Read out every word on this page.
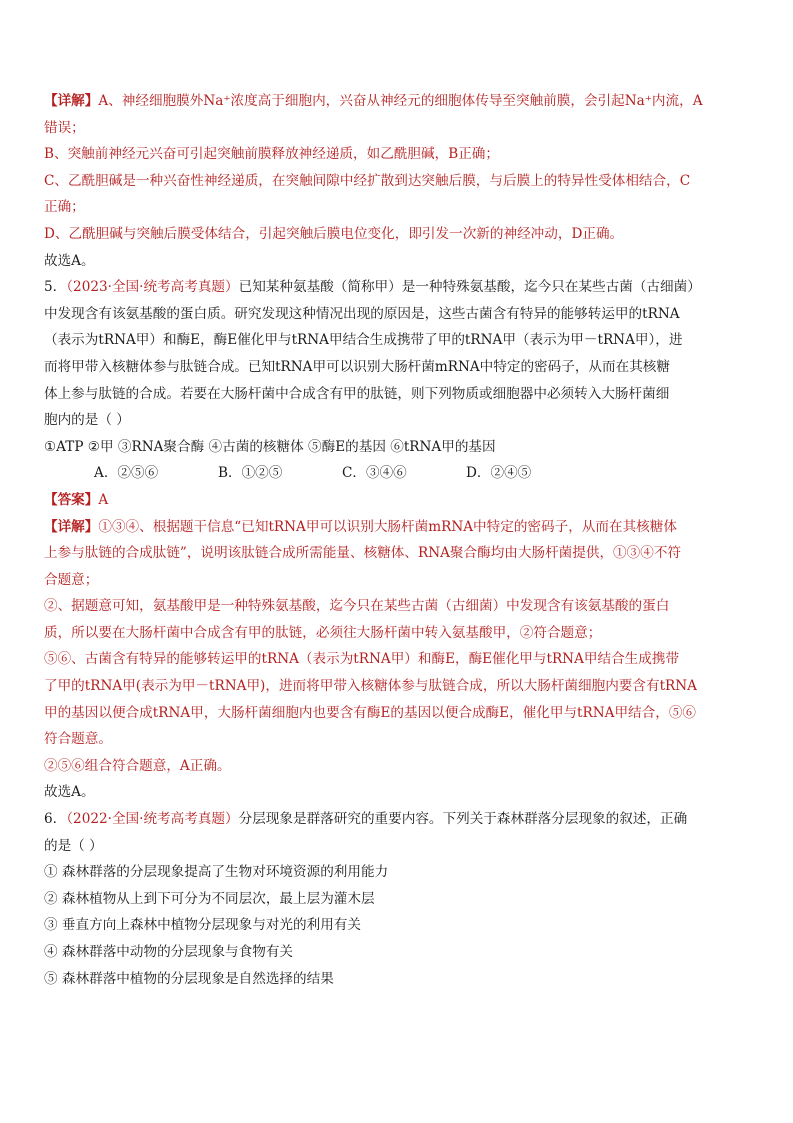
【详解】A、神经细胞膜外Na⁺浓度高于细胞内，兴奋从神经元的细胞体传导至突触前膜，会引起Na⁺内流，A
错误；
B、突触前神经元兴奋可引起突触前膜释放神经递质，如乙酰胆碱，B正确；
C、乙酰胆碱是一种兴奋性神经递质，在突触间隙中经扩散到达突触后膜，与后膜上的特异性受体相结合，C
正确；
D、乙酰胆碱与突触后膜受体结合，引起突触后膜电位变化，即引发一次新的神经冲动，D正确。
故选A。
5．（2023·全国·统考高考真题）已知某种氨基酸（简称甲）是一种特殊氨基酸，迄今只在某些古菌（古细菌）
中发现含有该氨基酸的蛋白质。研究发现这种情况出现的原因是，这些古菌含有特异的能够转运甲的tRNA
（表示为tRNA甲）和酶E，酶E催化甲与tRNA甲结合生成携带了甲的tRNA甲（表示为甲－tRNA甲），进
而将甲带入核糖体参与肽链合成。已知tRNA甲可以识别大肠杆菌mRNA中特定的密码子，从而在其核糖
体上参与肽链的合成。若要在大肠杆菌中合成含有甲的肽链，则下列物质或细胞器中必须转入大肠杆菌细
胞内的是（ ）
①ATP ②甲 ③RNA聚合酶 ④古菌的核糖体 ⑤酶E的基因 ⑥tRNA甲的基因
A．②⑤⑥	B．①②⑤	C．③④⑥	D．②④⑤
【答案】A
【详解】①③④、根据题干信息“已知tRNA甲可以识别大肠杆菌mRNA中特定的密码子，从而在其核糖体
上参与肽链的合成肽链”，说明该肽链合成所需能量、核糖体、RNA聚合酶均由大肠杆菌提供，①③④不符
合题意；
②、据题意可知，氨基酸甲是一种特殊氨基酸，迄今只在某些古菌（古细菌）中发现含有该氨基酸的蛋白
质，所以要在大肠杆菌中合成含有甲的肽链，必须往大肠杆菌中转入氨基酸甲，②符合题意；
⑤⑥、古菌含有特异的能够转运甲的tRNA（表示为tRNA甲）和酶E，酶E催化甲与tRNA甲结合生成携带
了甲的tRNA甲(表示为甲－tRNA甲)，进而将甲带入核糖体参与肽链合成，所以大肠杆菌细胞内要含有tRNA
甲的基因以便合成tRNA甲，大肠杆菌细胞内也要含有酶E的基因以便合成酶E，催化甲与tRNA甲结合，⑤⑥
符合题意。
②⑤⑥组合符合题意，A正确。
故选A。
6．（2022·全国·统考高考真题）分层现象是群落研究的重要内容。下列关于森林群落分层现象的叙述，正确
的是（ ）
① 森林群落的分层现象提高了生物对环境资源的利用能力
② 森林植物从上到下可分为不同层次，最上层为灌木层
③ 垂直方向上森林中植物分层现象与对光的利用有关
④ 森林群落中动物的分层现象与食物有关
⑤ 森林群落中植物的分层现象是自然选择的结果
